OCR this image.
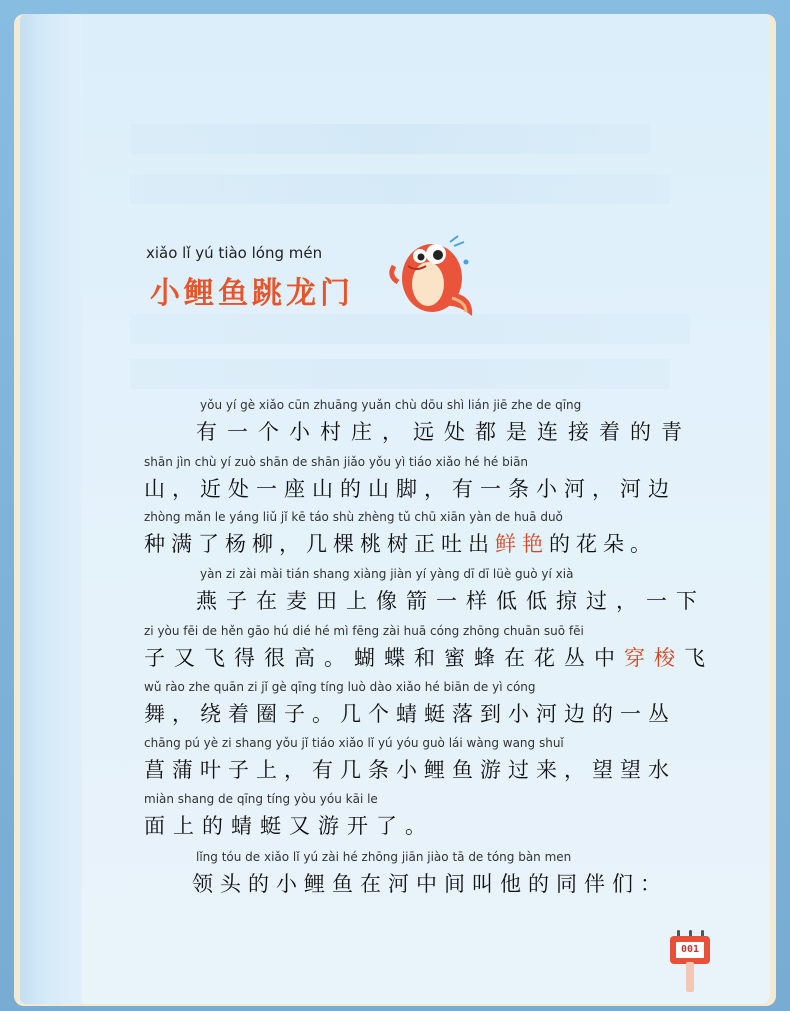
xiǎo lǐ yú tiào lóng mén
小鲤鱼跳龙门
yǒu yí gè xiǎo cūn zhuāng yuǎn chù dōu shì lián jiē zhe de qīng
有一个小村庄，远处都是连接着的青
shān jìn chù yí zuò shān de shān jiǎo yǒu yì tiáo xiǎo hé hé biān
山，近处一座山的山脚，有一条小河，河边
zhòng mǎn le yáng liǔ jǐ kē táo shù zhèng tǔ chū xiān yàn de huā duǒ
种满了杨柳，几棵桃树正吐出鲜艳的花朵。
yàn zi zài mài tián shang xiàng jiàn yí yàng dī dī lüè guò yí xià
燕子在麦田上像箭一样低低掠过，一下
zi yòu fēi de hěn gāo hú dié hé mì fēng zài huā cóng zhōng chuān suō fēi
子又飞得很高。蝴蝶和蜜蜂在花丛中穿梭飞
wǔ rào zhe quān zi jǐ gè qīng tíng luò dào xiǎo hé biān de yì cóng
舞，绕着圈子。几个蜻蜓落到小河边的一丛
chāng pú yè zi shang yǒu jǐ tiáo xiǎo lǐ yú yóu guò lái wàng wang shuǐ
菖蒲叶子上，有几条小鲤鱼游过来，望望水
miàn shang de qīng tíng yòu yóu kāi le
面上的蜻蜓又游开了。
lǐng tóu de xiǎo lǐ yú zài hé zhōng jiān jiào tā de tóng bàn men
领头的小鲤鱼在河中间叫他的同伴们：
001
